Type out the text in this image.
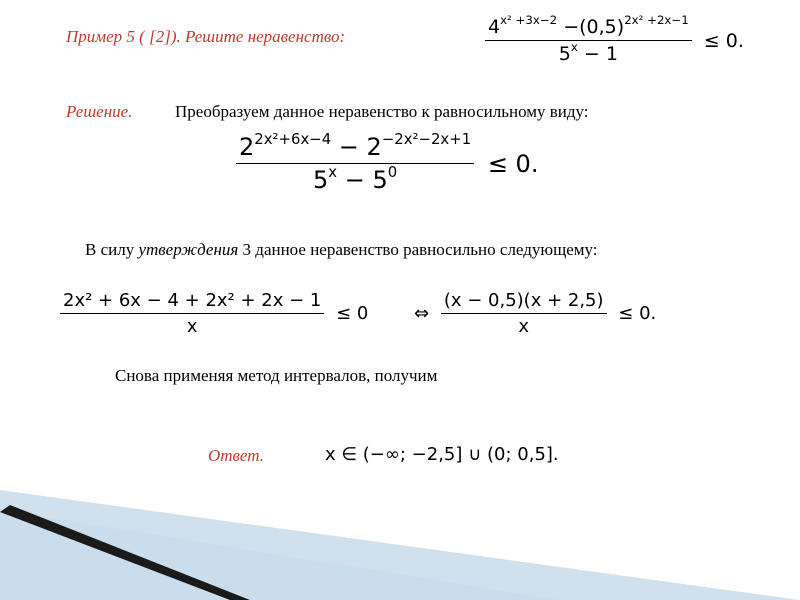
Пример 5 ( [2]). Решите неравенство:	$\frac{4^{x^2 +3x-2} -(0,5)^{2x^2 +2x-1}}{5^x - 1} \le 0$.
Решение.	Преобразуем данное неравенство к равносильному виду:
$\frac{2^{2x^2+6x-4} - 2^{-2x^2-2x+1}}{5^x - 5^0} \le 0$.
В силу утверждения 3 данное неравенство равносильно следующему:
$\frac{\text{2x² + 6x − 4 + 2x² + 2x − 1}}{x} \le 0$	⇔ $\frac{(x - 0,5)(x + 2,5)}{x} \le 0$.
Снова применяя метод интервалов, получим
Ответ.	x ∈ (−∞; −2,5] ∪ (0; 0,5].
